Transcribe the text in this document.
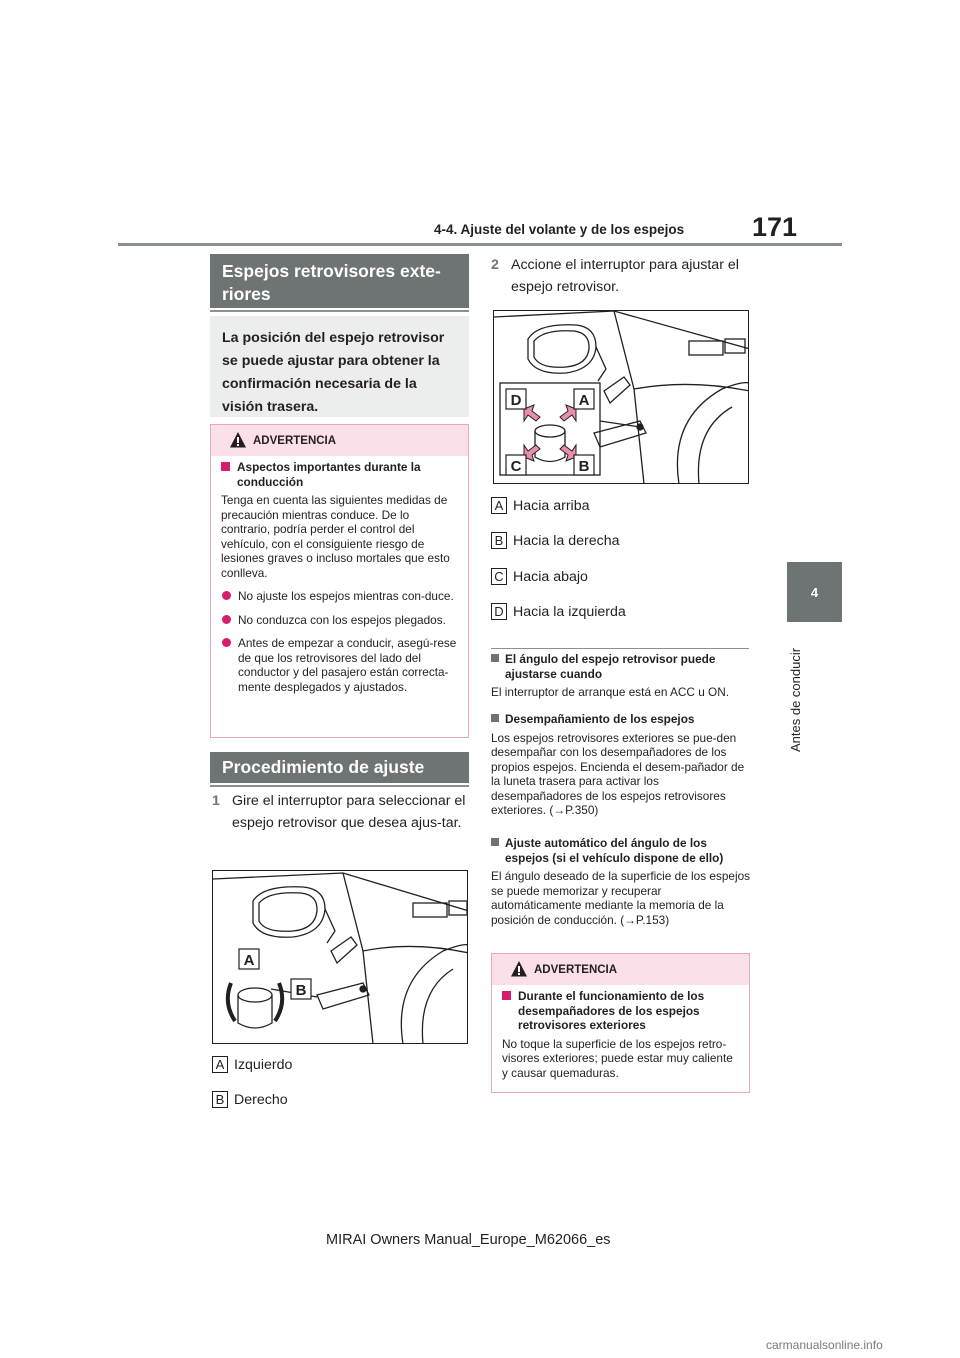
4-4. Ajuste del volante y de los espejos	171
4
Antes de conducir
Espejos retrovisores exte-riores
La posición del espejo retrovisor se puede ajustar para obtener la confirmación necesaria de la visión trasera.
ADVERTENCIA
Aspectos importantes durante la conducción
Tenga en cuenta las siguientes medidas de precaución mientras conduce. De lo contrario, podría perder el control del vehículo, con el consiguiente riesgo de lesiones graves o incluso mortales que esto conlleva.
No ajuste los espejos mientras con-duce.
No conduzca con los espejos plegados.
Antes de empezar a conducir, asegú-rese de que los retrovisores del lado del conductor y del pasajero están correcta-mente desplegados y ajustados.
Procedimiento de ajuste
1 Gire el interruptor para seleccionar el espejo retrovisor que desea ajus-tar.
A
B
A Izquierdo
B Derecho
2 Accione el interruptor para ajustar el espejo retrovisor.
D	A
C	B
A Hacia arriba
B Hacia la derecha
C Hacia abajo
D Hacia la izquierda
El ángulo del espejo retrovisor puede ajustarse cuando
El interruptor de arranque está en ACC u ON.
Desempañamiento de los espejos
Los espejos retrovisores exteriores se pue-den desempañar con los desempañadores de los propios espejos. Encienda el desem-pañador de la luneta trasera para activar los desempañadores de los espejos retrovisores exteriores. (→P.350)
Ajuste automático del ángulo de los espejos (si el vehículo dispone de ello)
El ángulo deseado de la superficie de los espejos se puede memorizar y recuperar automáticamente mediante la memoria de la posición de conducción. (→P.153)
ADVERTENCIA
Durante el funcionamiento de los desempañadores de los espejos retrovisores exteriores
No toque la superficie de los espejos retro-visores exteriores; puede estar muy caliente y causar quemaduras.
MIRAI Owners Manual_Europe_M62066_es
carmanualsonline.info
